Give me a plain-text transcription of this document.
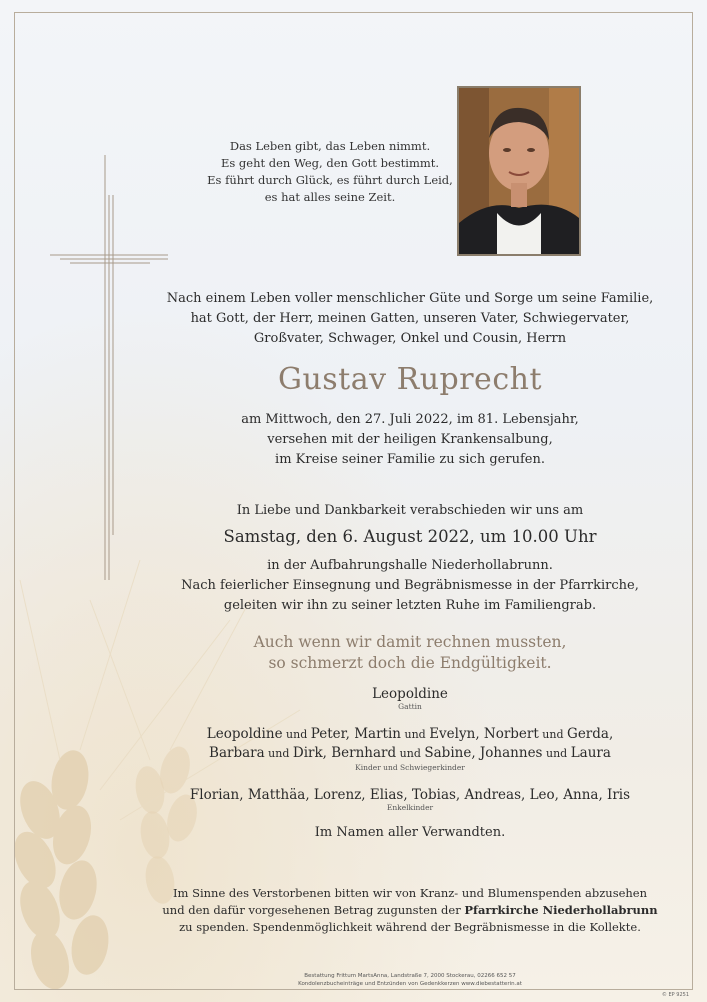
Das Leben gibt, das Leben nimmt.
Es geht den Weg, den Gott bestimmt.
Es führt durch Glück, es führt durch Leid,
es hat alles seine Zeit.
Nach einem Leben voller menschlicher Güte und Sorge um seine Familie,
hat Gott, der Herr, meinen Gatten, unseren Vater, Schwiegervater,
Großvater, Schwager, Onkel und Cousin, Herrn
Gustav Ruprecht
am Mittwoch, den 27. Juli 2022, im 81. Lebensjahr,
versehen mit der heiligen Krankensalbung,
im Kreise seiner Familie zu sich gerufen.
In Liebe und Dankbarkeit verabschieden wir uns am
Samstag, den 6. August 2022, um 10.00 Uhr
in der Aufbahrungshalle Niederhollabrunn.
Nach feierlicher Einsegnung und Begräbnismesse in der Pfarrkirche,
geleiten wir ihn zu seiner letzten Ruhe im Familiengrab.
Auch wenn wir damit rechnen mussten,
so schmerzt doch die Endgültigkeit.
Leopoldine
Gattin
Leopoldine und Peter, Martin und Evelyn, Norbert und Gerda,
Barbara und Dirk, Bernhard und Sabine, Johannes und Laura
Kinder und Schwiegerkinder
Florian, Matthäa, Lorenz, Elias, Tobias, Andreas, Leo, Anna, Iris
Enkelkinder
Im Namen aller Verwandten.
Im Sinne des Verstorbenen bitten wir von Kranz- und Blumenspenden abzusehen
und den dafür vorgesehenen Betrag zugunsten der Pfarrkirche Niederhollabrunn
zu spenden. Spendenmöglichkeit während der Begräbnismesse in die Kollekte.
Bestattung Frittum MartsAnna, Landstraße 7, 2000 Stockerau, 02266 652 57
Kondolenzbucheinträge und Entzünden von Gedenkkerzen www.diebestatterin.at
© EP 9251
